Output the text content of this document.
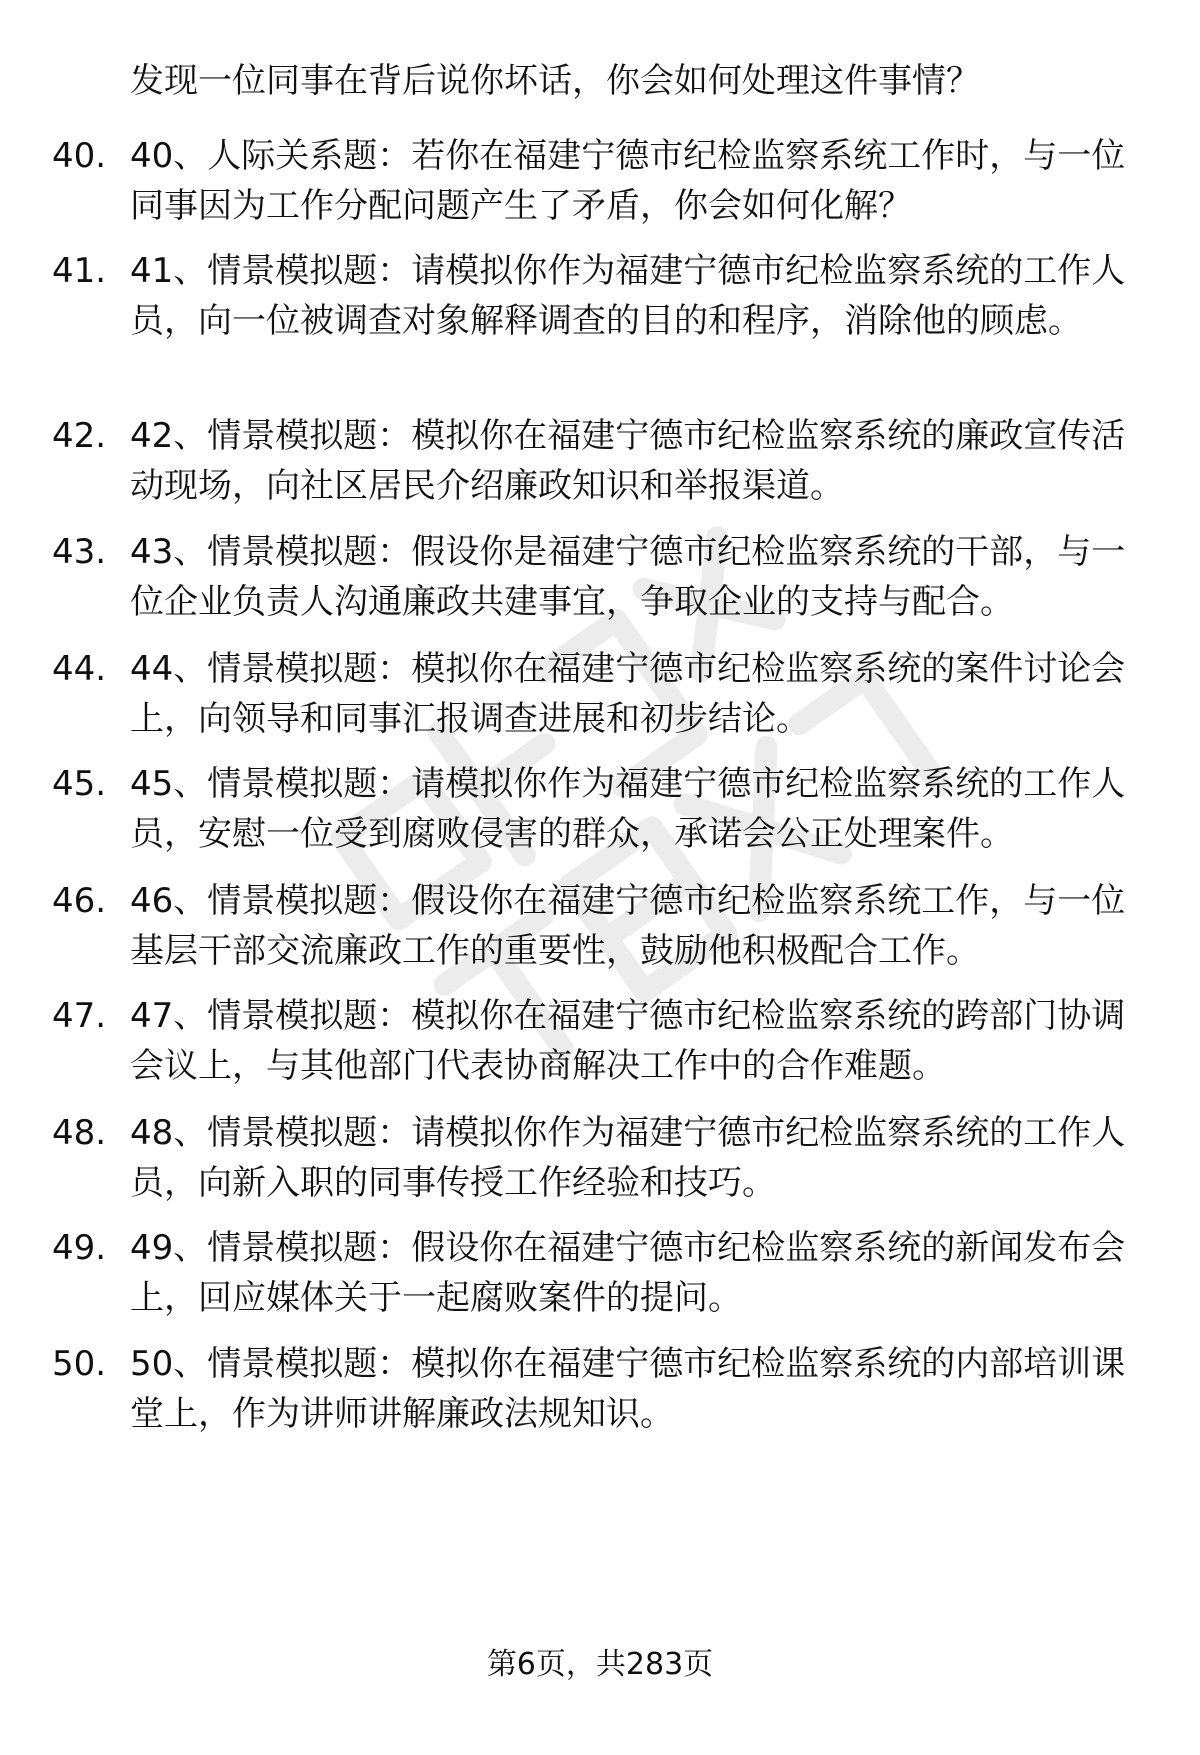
发现一位同事在背后说你坏话，你会如何处理这件事情？
40. 40、人际关系题：若你在福建宁德市纪检监察系统工作时，与一位同事因为工作分配问题产生了矛盾，你会如何化解？
41. 41、情景模拟题：请模拟你作为福建宁德市纪检监察系统的工作人员，向一位被调查对象解释调查的目的和程序，消除他的顾虑。
42. 42、情景模拟题：模拟你在福建宁德市纪检监察系统的廉政宣传活动现场，向社区居民介绍廉政知识和举报渠道。
43. 43、情景模拟题：假设你是福建宁德市纪检监察系统的干部，与一位企业负责人沟通廉政共建事宜，争取企业的支持与配合。
44. 44、情景模拟题：模拟你在福建宁德市纪检监察系统的案件讨论会上，向领导和同事汇报调查进展和初步结论。
45. 45、情景模拟题：请模拟你作为福建宁德市纪检监察系统的工作人员，安慰一位受到腐败侵害的群众，承诺会公正处理案件。
46. 46、情景模拟题：假设你在福建宁德市纪检监察系统工作，与一位基层干部交流廉政工作的重要性，鼓励他积极配合工作。
47. 47、情景模拟题：模拟你在福建宁德市纪检监察系统的跨部门协调会议上，与其他部门代表协商解决工作中的合作难题。
48. 48、情景模拟题：请模拟你作为福建宁德市纪检监察系统的工作人员，向新入职的同事传授工作经验和技巧。
49. 49、情景模拟题：假设你在福建宁德市纪检监察系统的新闻发布会上，回应媒体关于一起腐败案件的提问。
50. 50、情景模拟题：模拟你在福建宁德市纪检监察系统的内部培训课堂上，作为讲师讲解廉政法规知识。
第6页，共283页
